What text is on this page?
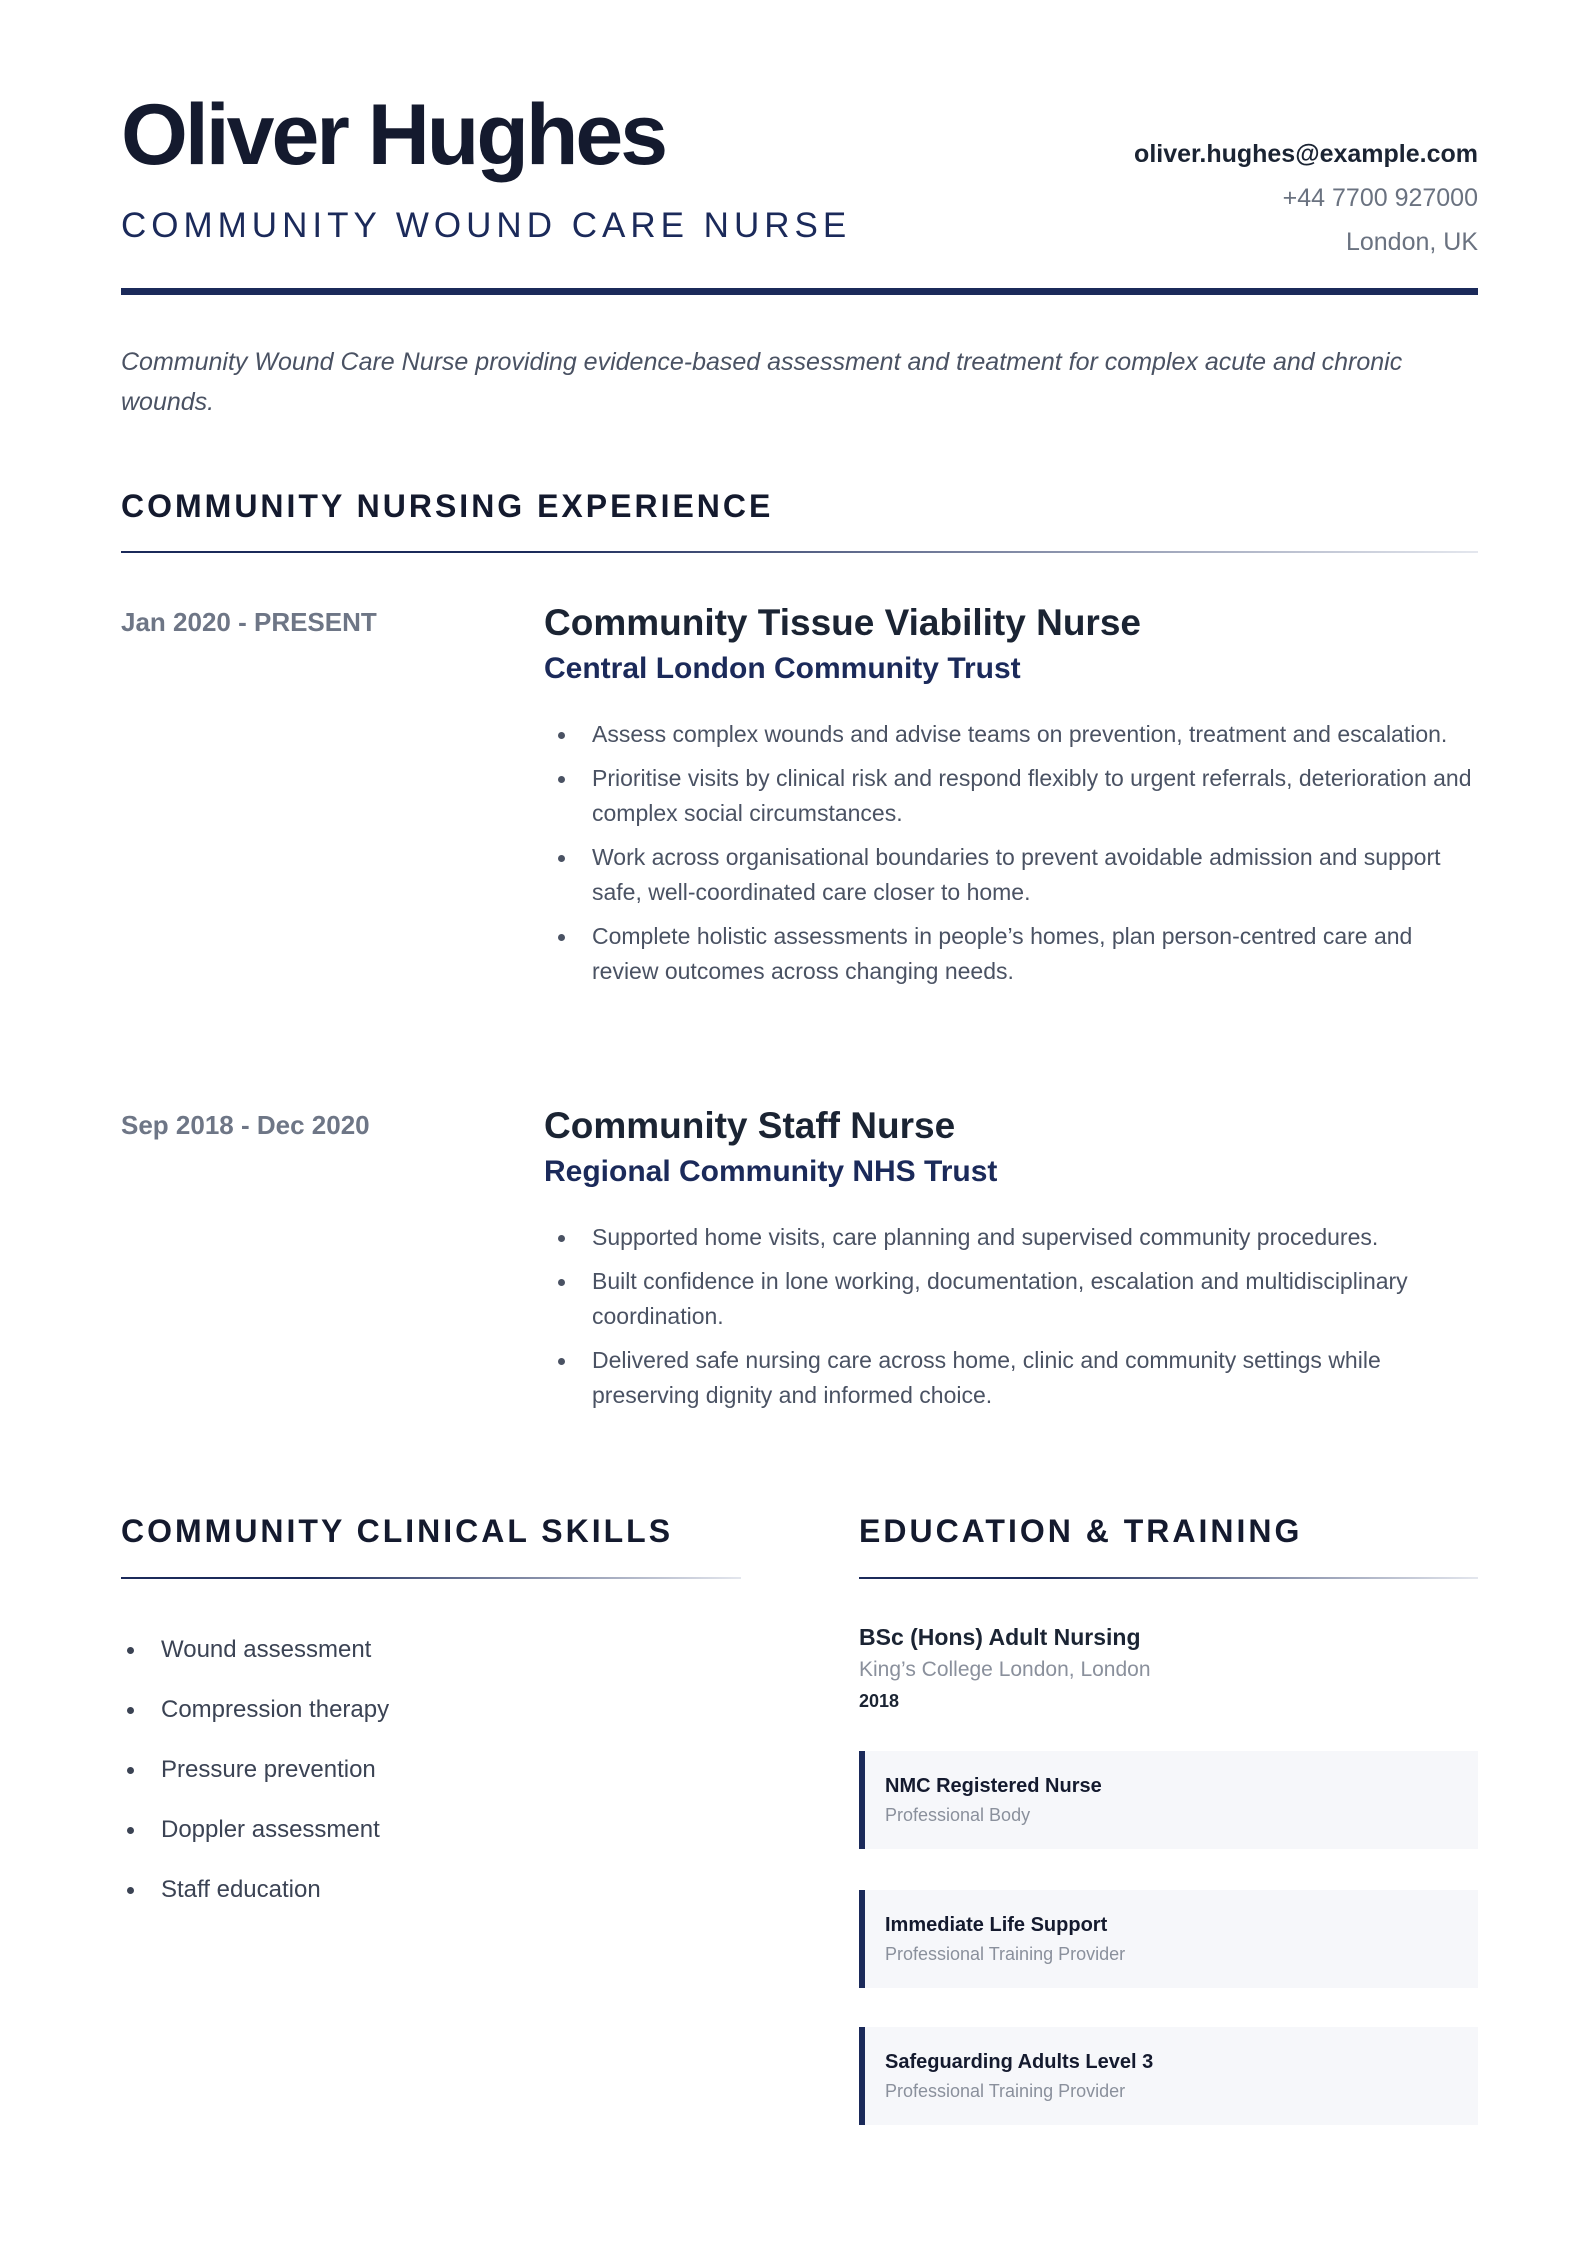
Oliver Hughes
COMMUNITY WOUND CARE NURSE
oliver.hughes@example.com
+44 7700 927000
London, UK

Community Wound Care Nurse providing evidence-based assessment and treatment for complex acute and chronic wounds.

COMMUNITY NURSING EXPERIENCE
Jan 2020 - PRESENT	Community Tissue Viability Nurse
Central London Community Trust
Assess complex wounds and advise teams on prevention, treatment and escalation.
Prioritise visits by clinical risk and respond flexibly to urgent referrals, deterioration and complex social circumstances.
Work across organisational boundaries to prevent avoidable admission and support safe, well-coordinated care closer to home.
Complete holistic assessments in people’s homes, plan person-centred care and review outcomes across changing needs.
Sep 2018 - Dec 2020	Community Staff Nurse
Regional Community NHS Trust
Supported home visits, care planning and supervised community procedures.
Built confidence in lone working, documentation, escalation and multidisciplinary coordination.
Delivered safe nursing care across home, clinic and community settings while preserving dignity and informed choice.
COMMUNITY CLINICAL SKILLS
Wound assessment
Compression therapy
Pressure prevention
Doppler assessment
Staff education
EDUCATION & TRAINING
BSc (Hons) Adult Nursing
King’s College London, London
2018
NMC Registered Nurse
Professional Body
Immediate Life Support
Professional Training Provider
Safeguarding Adults Level 3
Professional Training Provider
